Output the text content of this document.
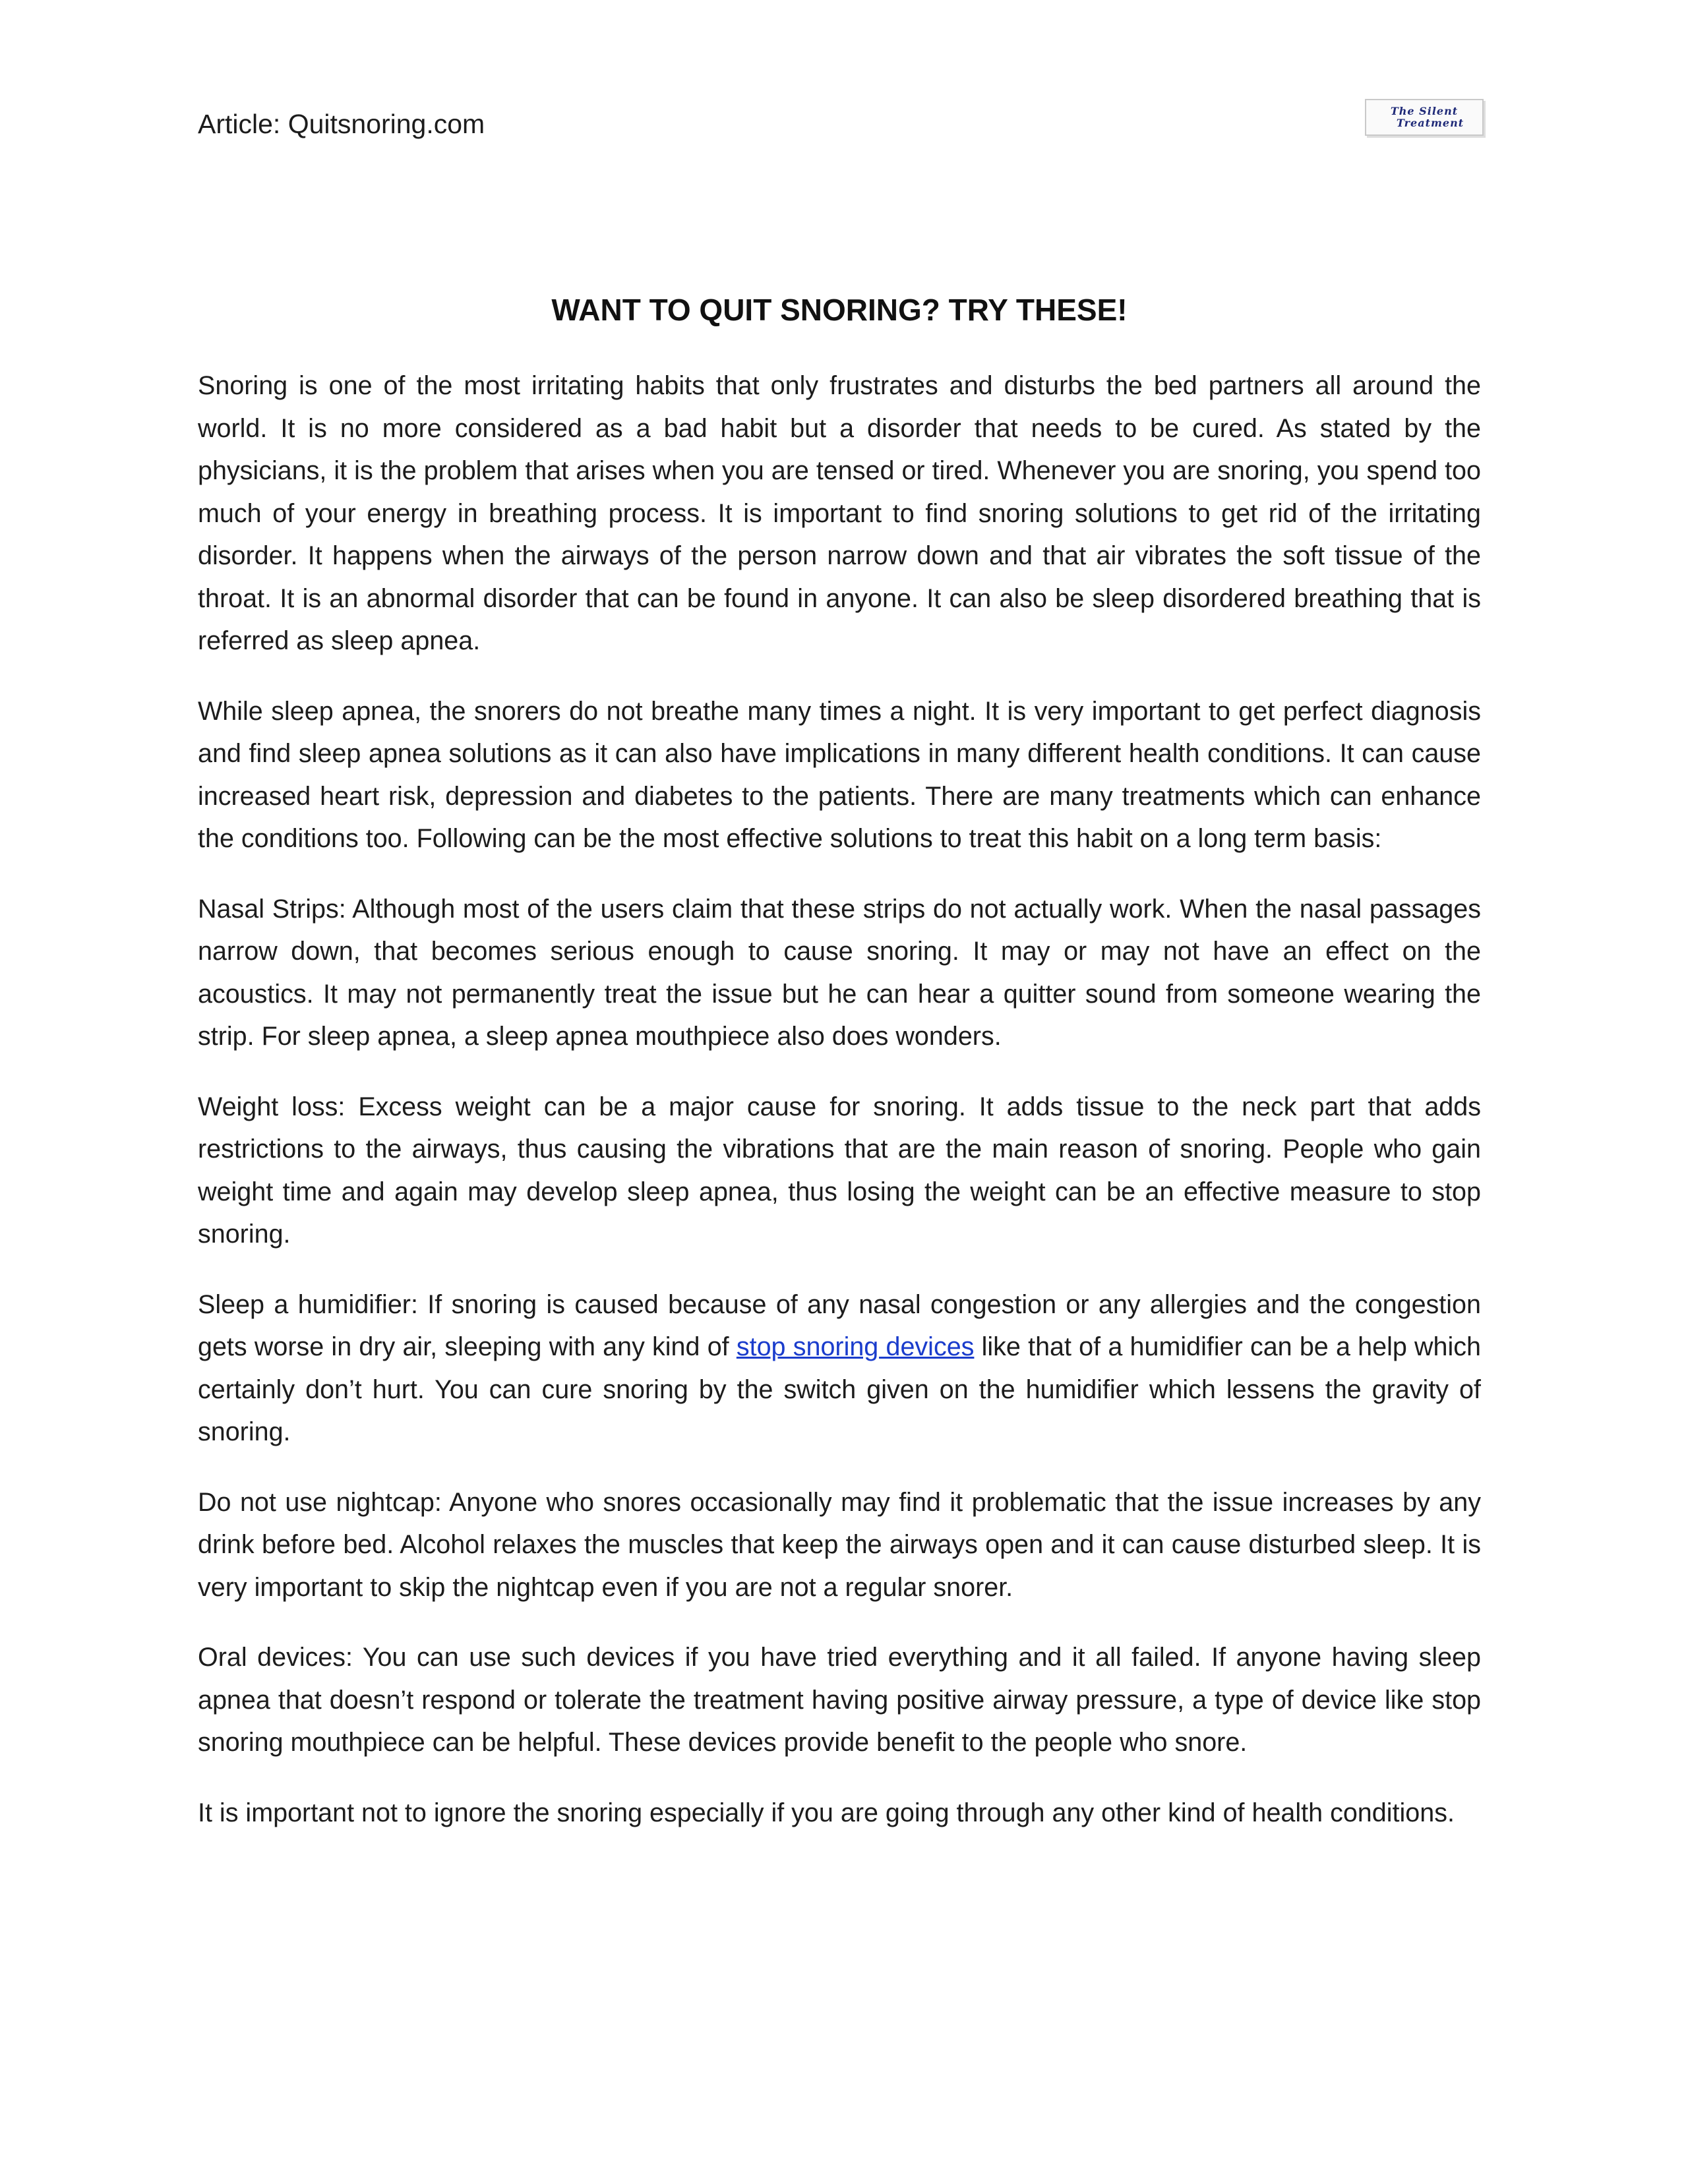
Article: Quitsnoring.com	The Silent
Treatment
WANT TO QUIT SNORING? TRY THESE!

Snoring is one of the most irritating habits that only frustrates and disturbs the bed partners all around the world. It is no more considered as a bad habit but a disorder that needs to be cured. As stated by the physicians, it is the problem that arises when you are tensed or tired. Whenever you are snoring, you spend too much of your energy in breathing process. It is important to find snoring solutions to get rid of the irritating disorder. It happens when the airways of the person narrow down and that air vibrates the soft tissue of the throat. It is an abnormal disorder that can be found in anyone. It can also be sleep disordered breathing that is referred as sleep apnea.

While sleep apnea, the snorers do not breathe many times a night. It is very important to get perfect diagnosis and find sleep apnea solutions as it can also have implications in many different health conditions. It can cause increased heart risk, depression and diabetes to the patients. There are many treatments which can enhance the conditions too. Following can be the most effective solutions to treat this habit on a long term basis:

Nasal Strips: Although most of the users claim that these strips do not actually work. When the nasal passages narrow down, that becomes serious enough to cause snoring. It may or may not have an effect on the acoustics. It may not permanently treat the issue but he can hear a quitter sound from someone wearing the strip. For sleep apnea, a sleep apnea mouthpiece also does wonders.

Weight loss: Excess weight can be a major cause for snoring. It adds tissue to the neck part that adds restrictions to the airways, thus causing the vibrations that are the main reason of snoring. People who gain weight time and again may develop sleep apnea, thus losing the weight can be an effective measure to stop snoring.

Sleep a humidifier: If snoring is caused because of any nasal congestion or any allergies and the congestion gets worse in dry air, sleeping with any kind of stop snoring devices like that of a humidifier can be a help which certainly don’t hurt. You can cure snoring by the switch given on the humidifier which lessens the gravity of snoring.

Do not use nightcap: Anyone who snores occasionally may find it problematic that the issue increases by any drink before bed. Alcohol relaxes the muscles that keep the airways open and it can cause disturbed sleep. It is very important to skip the nightcap even if you are not a regular snorer.

Oral devices: You can use such devices if you have tried everything and it all failed. If anyone having sleep apnea that doesn’t respond or tolerate the treatment having positive airway pressure, a type of device like stop snoring mouthpiece can be helpful. These devices provide benefit to the people who snore.

It is important not to ignore the snoring especially if you are going through any other kind of health conditions.
